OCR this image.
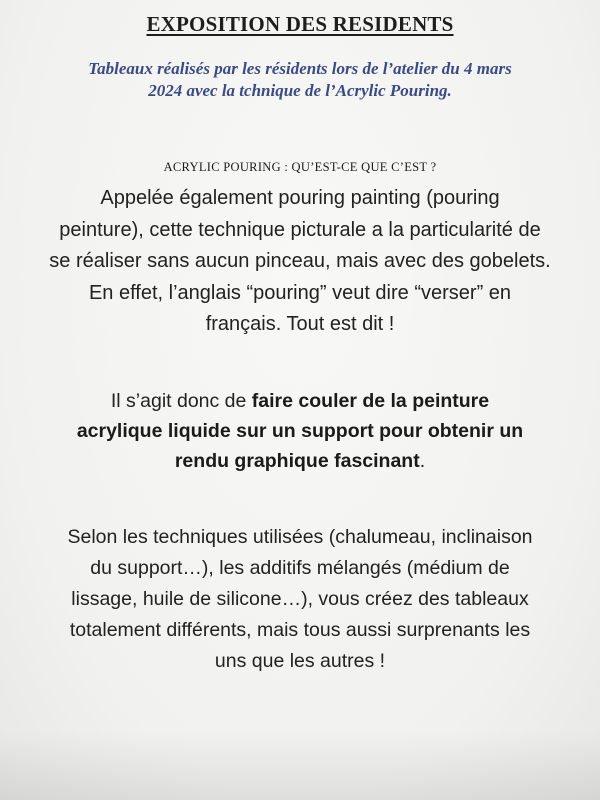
EXPOSITION DES RESIDENTS
Tableaux réalisés par les résidents lors de l’atelier du 4 mars
2024 avec la tchnique de l’Acrylic Pouring.
ACRYLIC POURING : QU’EST-CE QUE C’EST ?
Appelée également pouring painting (pouring
peinture), cette technique picturale a la particularité de
se réaliser sans aucun pinceau, mais avec des gobelets.
En effet, l’anglais “pouring” veut dire “verser” en
français. Tout est dit !
Il s’agit donc de faire couler de la peinture
acrylique liquide sur un support pour obtenir un
rendu graphique fascinant.
Selon les techniques utilisées (chalumeau, inclinaison
du support…), les additifs mélangés (médium de
lissage, huile de silicone…), vous créez des tableaux
totalement différents, mais tous aussi surprenants les
uns que les autres !
